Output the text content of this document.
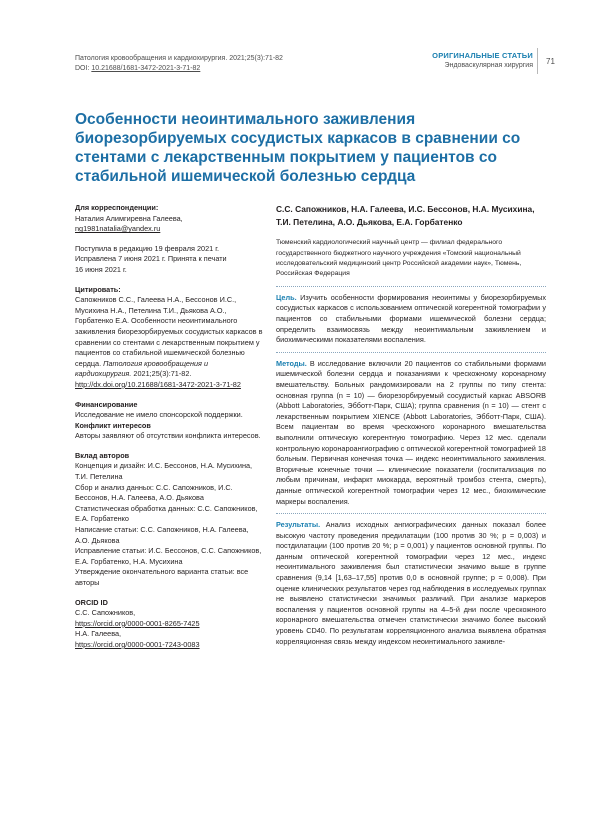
Патология кровообращения и кардиохирургия. 2021;25(3):71-82
DOI: 10.21688/1681-3472-2021-3-71-82
ОРИГИНАЛЬНЫЕ СТАТЬИ
Эндоваскулярная хирургия 71
Особенности неоинтимального заживления биорезорбируемых сосудистых каркасов в сравнении со стентами с лекарственным покрытием у пациентов со стабильной ишемической болезнью сердца

Для корреспонденции:

Наталия Алимгиревна Галеева,

ng1981natalia@yandex.ru

Поступила в редакцию 19 февраля 2021 г.

Исправлена 7 июня 2021 г. Принята к печати

16 июня 2021 г.

Цитировать:

Сапожников С.С., Галеева Н.А., Бессонов И.С., Мусихина Н.А., Петелина Т.И., Дьякова А.О., Горбатенко Е.А. Особенности неоинтимального заживления биорезорбируемых сосудистых каркасов в сравнении со стентами с лекарственным покрытием у пациентов со стабильной ишемической болезнью сердца. Патология кровообращения и кардиохирургия. 2021;25(3):71-82.

http://dx.doi.org/10.21688/1681-3472-2021-3-71-82

Финансирование

Исследование не имело спонсорской поддержки.

Конфликт интересов

Авторы заявляют об отсутствии конфликта интересов.

Вклад авторов

Концепция и дизайн: И.С. Бессонов, Н.А. Мусихина, Т.И. Петелина

Сбор и анализ данных: С.С. Сапожников, И.С. Бессонов, Н.А. Галеева, А.О. Дьякова

Статистическая обработка данных: С.С. Сапожников, Е.А. Горбатенко

Написание статьи: С.С. Сапожников, Н.А. Галеева, А.О. Дьякова

Исправление статьи: И.С. Бессонов, С.С. Сапожников, Е.А. Горбатенко, Н.А. Мусихина

Утверждение окончательного варианта статьи: все авторы

ORCID ID

С.С. Сапожников,

https://orcid.org/0000-0001-8265-7425

Н.А. Галеева,

https://orcid.org/0000-0001-7243-0083

С.С. Сапожников, Н.А. Галеева, И.С. Бессонов, Н.А. Мусихина, Т.И. Петелина, А.О. Дьякова, Е.А. Горбатенко

Тюменский кардиологический научный центр — филиал федерального государственного бюджетного научного учреждения «Томский национальный исследовательский медицинский центр Российской академии наук», Тюмень, Российская Федерация

Цель. Изучить особенности формирования неоинтимы у биорезорбируемых сосудистых каркасов с использованием оптической когерентной томографии у пациентов со стабильными формами ишемической болезни сердца; определить взаимосвязь между неоинтимальным заживлением и биохимическими показателями воспаления.

Методы. В исследование включили 20 пациентов со стабильными формами ишемической болезни сердца и показаниями к чрескожному коронарному вмешательству. Больных рандомизировали на 2 группы по типу стента: основная группа (n = 10) — биорезорбируемый сосудистый каркас ABSORB (Abbott Laboratories, Эбботт-Парк, США); группа сравнения (n = 10) — стент с лекарственным покрытием XIENCE (Abbott Laboratories, Эбботт-Парк, США). Всем пациентам во время чрескожного коронарного вмешательства выполнили оптическую когерентную томографию. Через 12 мес. сделали контрольную коронароангиографию с оптической когерентной томографией 18 больным. Первичная конечная точка — индекс неоинтимального заживления. Вторичные конечные точки — клинические показатели (госпитализация по любым причинам, инфаркт миокарда, вероятный тромбоз стента, смерть), данные оптической когерентной томографии через 12 мес., биохимические маркеры воспаления.

Результаты. Анализ исходных ангиографических данных показал более высокую частоту проведения предилатации (100 против 30 %; p = 0,003) и постдилатации (100 против 20 %; p = 0,001) у пациентов основной группы. По данным оптической когерентной томографии через 12 мес., индекс неоинтимального заживления был статистически значимо выше в группе сравнения (9,14 [1,63–17,55] против 0,0 в основной группе; p = 0,008). При оценке клинических результатов через год наблюдения в исследуемых группах не выявлено статистически значимых различий. При анализе маркеров воспаления у пациентов основной группы на 4–5-й дни после чрескожного коронарного вмешательства отмечен статистически значимо более высокий уровень CD40. По результатам корреляционного анализа выявлена обратная корреляционная связь между индексом неоинтимального заживле-
